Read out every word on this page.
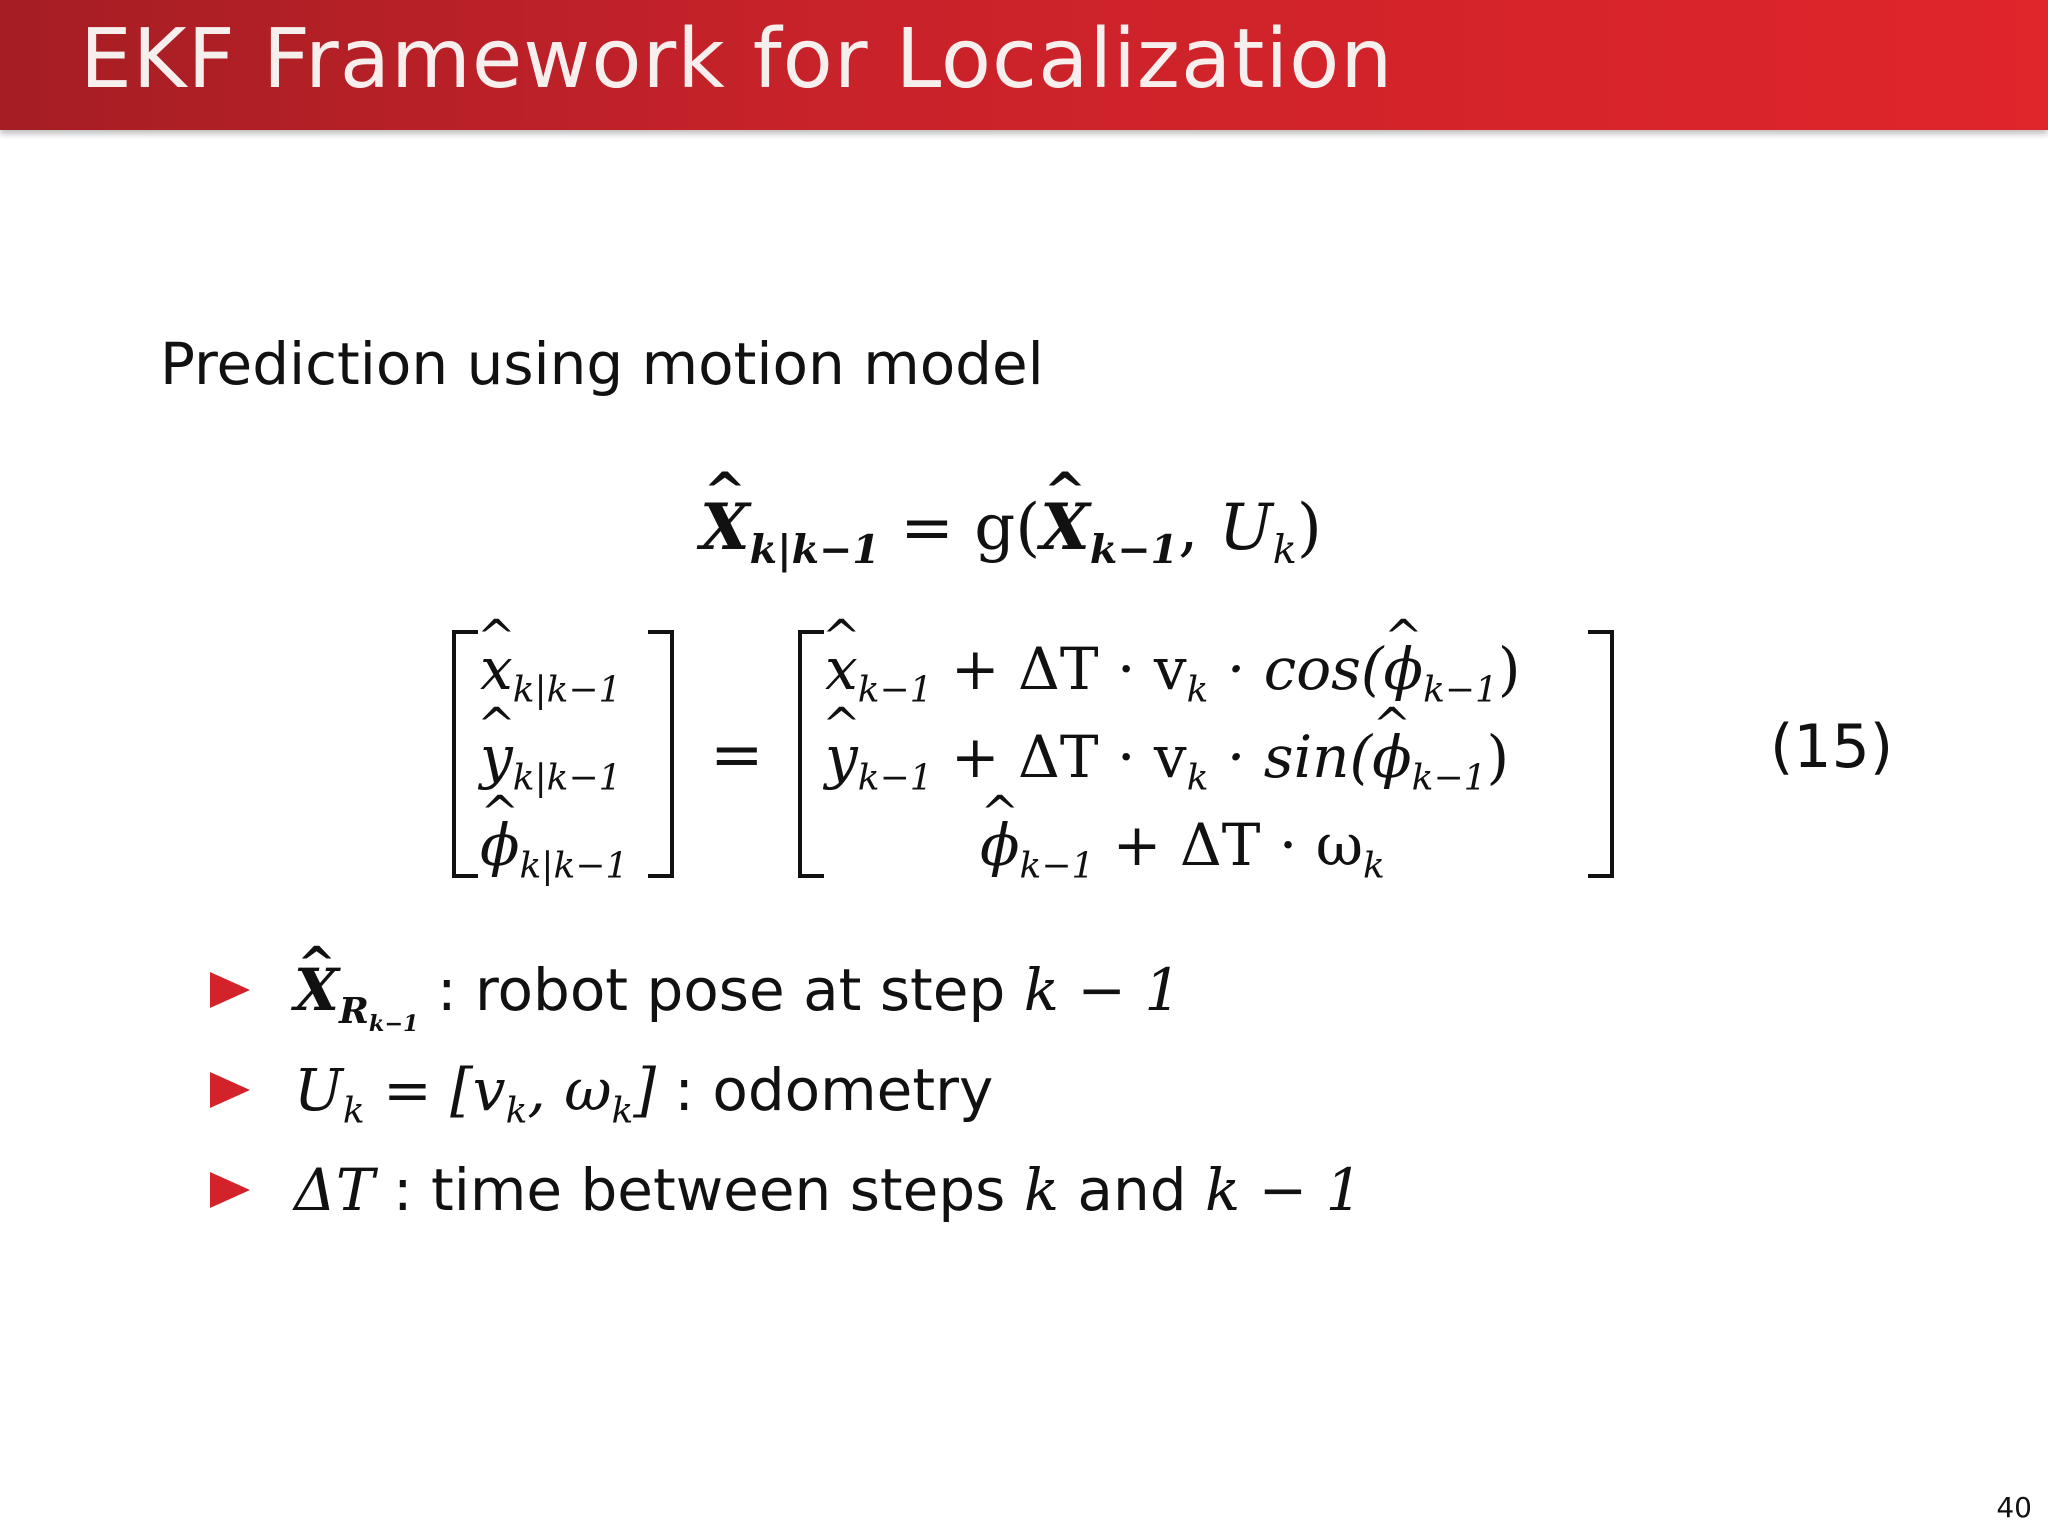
EKF Framework for Localization
Prediction using motion model
^ $X_{k|k-1}$ = g(^ $X_{k-1}$, $U_k$)
^ $x_{k|k-1}$
^ $y_{k|k-1}$
^ $\phi_{k|k-1}$
=
^ $x_{k-1} + \Delta T \cdot v_k$ · cos(^ $\phi_{k-1}$)
^ $y_{k-1} + \Delta T \cdot v_k$ · sin(^ $\phi_{k-1}$)
^ $\phi_{k-1} + \Delta T \cdot \omega_k$
(15)
^ $X_{R_{k-1}}$ : robot pose at step k − 1
$U_k = [v_k$, $\omega_k$] : odometry
ΔT : time between steps k and k − 1
40
